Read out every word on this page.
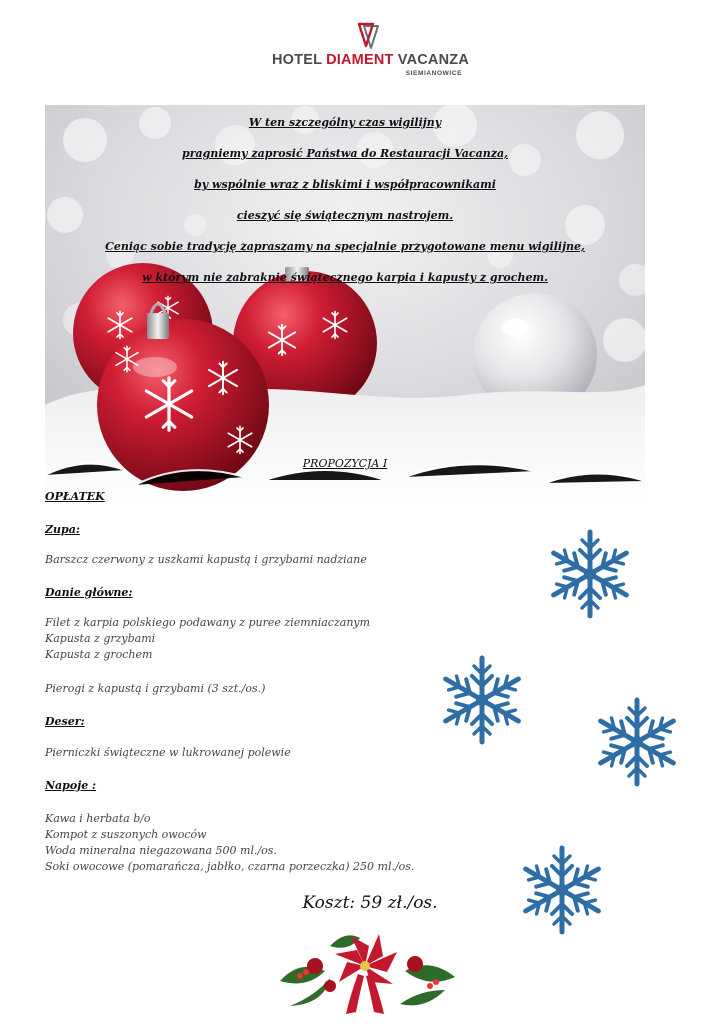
HOTEL DIAMENT VACANZA
SIEMIANOWICE
W ten szczególny czas wigilijny
pragniemy zaprosić Państwa do Restauracji Vacanza,
by wspólnie wraz z bliskimi i współpracownikami
cieszyć się świątecznym nastrojem.
Ceniąc sobie tradycję zapraszamy na specjalnie przygotowane menu wigilijne,
w którym nie zabraknie świątecznego karpia i kapusty z grochem.
PROPOZYCJA I
OPŁATEK
Zupa:
Barszcz czerwony z uszkami kapustą i grzybami nadziane
Danie główne:
Filet z karpia polskiego podawany z puree ziemniaczanym
Kapusta z grzybami
Kapusta z grochem
Pierogi z kapustą i grzybami (3 szt./os.)
Deser:
Pierniczki świąteczne w lukrowanej polewie
Napoje :
Kawa i herbata b/o
Kompot z suszonych owoców
Woda mineralna niegazowana 500 ml./os.
Soki owocowe (pomarańcza, jabłko, czarna porzeczka) 250 ml./os.
Koszt: 59 zł./os.
